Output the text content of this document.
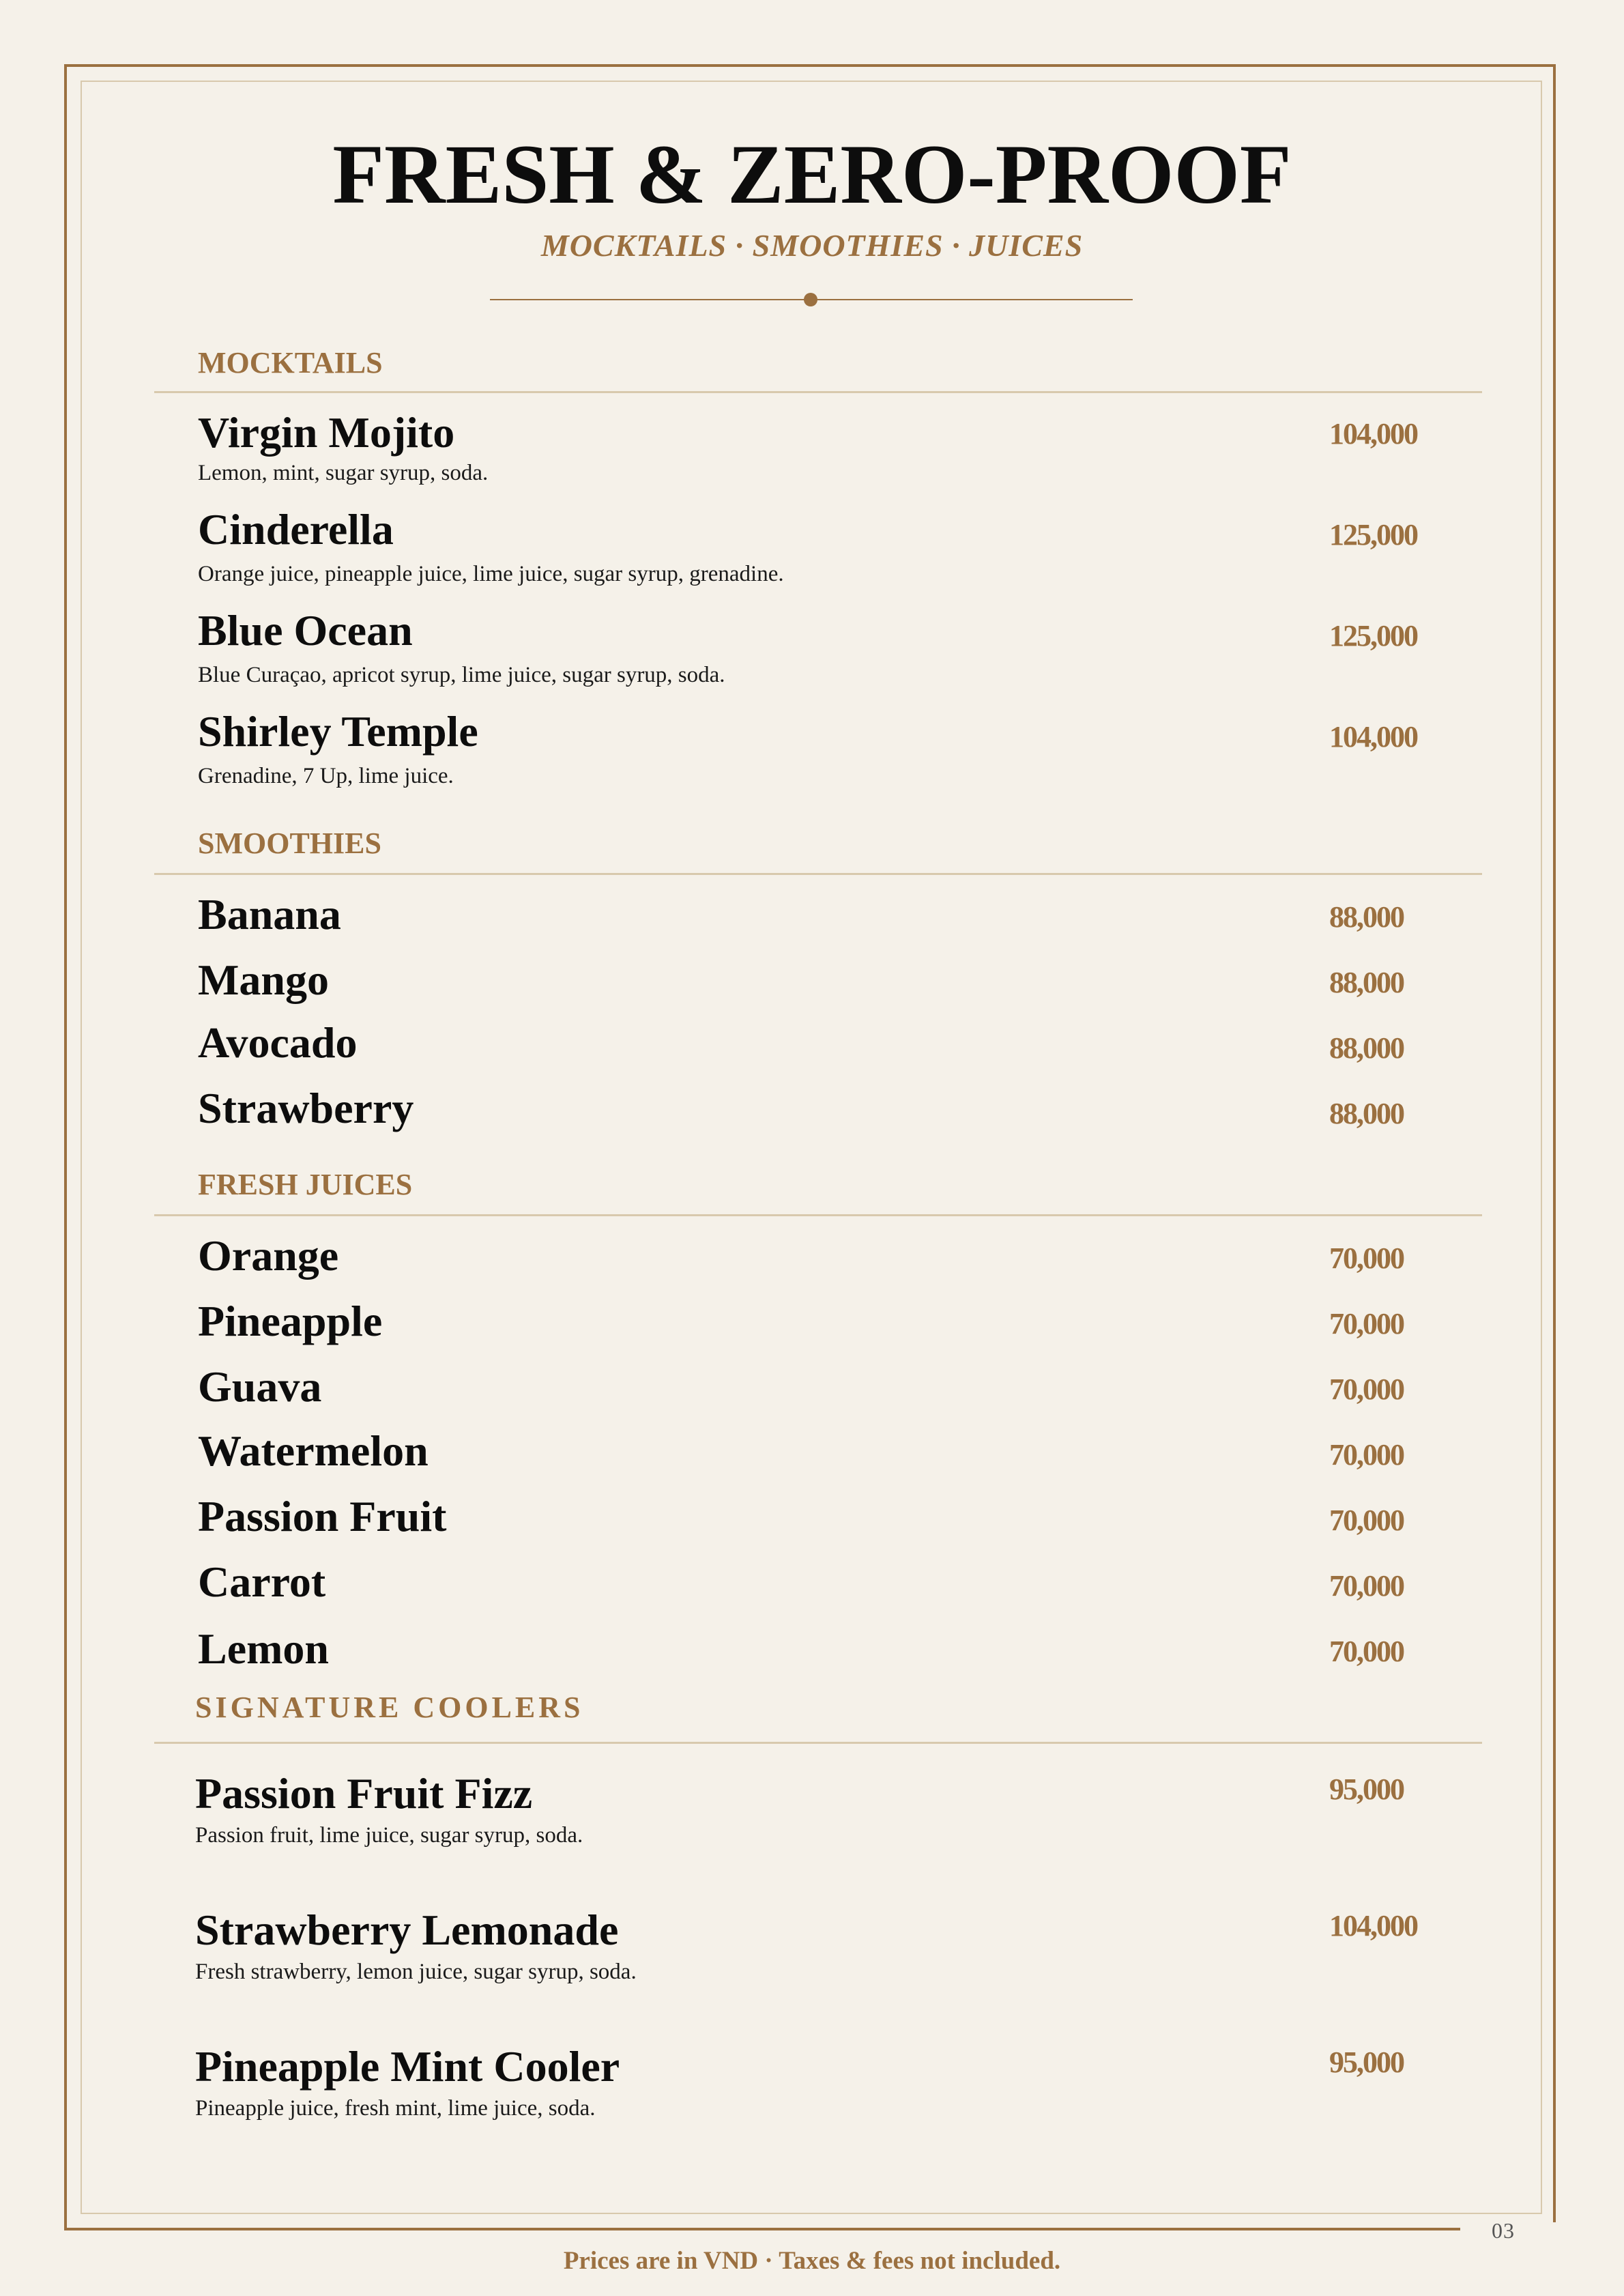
03
FRESH & ZERO-PROOF
MOCKTAILS · SMOOTHIES · JUICES
MOCKTAILS
Virgin Mojito
Lemon, mint, sugar syrup, soda.
104,000
Cinderella
Orange juice, pineapple juice, lime juice, sugar syrup, grenadine.
125,000
Blue Ocean
Blue Curaçao, apricot syrup, lime juice, sugar syrup, soda.
125,000
Shirley Temple
Grenadine, 7 Up, lime juice.
104,000
SMOOTHIES
Banana	88,000
Mango	88,000
Avocado	88,000
Strawberry	88,000
FRESH JUICES
Orange	70,000
Pineapple	70,000
Guava	70,000
Watermelon	70,000
Passion Fruit	70,000
Carrot	70,000
Lemon	70,000
SIGNATURE COOLERS
Passion Fruit Fizz
Passion fruit, lime juice, sugar syrup, soda.
95,000
Strawberry Lemonade
Fresh strawberry, lemon juice, sugar syrup, soda.
104,000
Pineapple Mint Cooler
Pineapple juice, fresh mint, lime juice, soda.
95,000
Prices are in VND · Taxes & fees not included.
